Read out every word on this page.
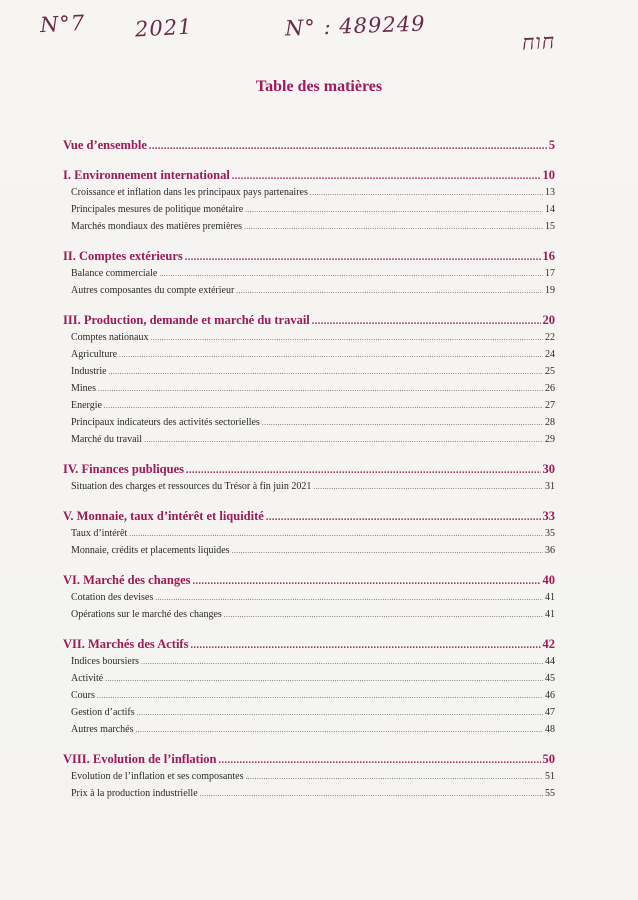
N°7 2021	N° : 489249
חוח
Table des matières
Vue d’ensemble .....	5
I. Environnement international .....	10
Croissance et inflation dans les principaux pays partenaires .....	13
Principales mesures de politique monétaire .....	14
Marchés mondiaux des matières premières .....	15
II. Comptes extérieurs .....	16
Balance commerciale .....	17
Autres composantes du compte extérieur .....	19
III. Production, demande et marché du travail .....	20
Comptes nationaux .....	22
Agriculture .....	24
Industrie .....	25
Mines .....	26
Energie .....	27
Principaux indicateurs des activités sectorielles .....	28
Marché du travail .....	29
IV. Finances publiques .....	30
Situation des charges et ressources du Trésor à fin juin 2021 .....	31
V. Monnaie, taux d’intérêt et liquidité .....	33
Taux d’intérêt .....	35
Monnaie, crédits et placements liquides .....	36
VI. Marché des changes .....	40
Cotation des devises .....	41
Opérations sur le marché des changes .....	41
VII. Marchés des Actifs .....	42
Indices boursiers .....	44
Activité .....	45
Cours .....	46
Gestion d’actifs .....	47
Autres marchés .....	48
VIII. Evolution de l’inflation .....	50
Evolution de l’inflation et ses composantes .....	51
Prix à la production industrielle .....	55
